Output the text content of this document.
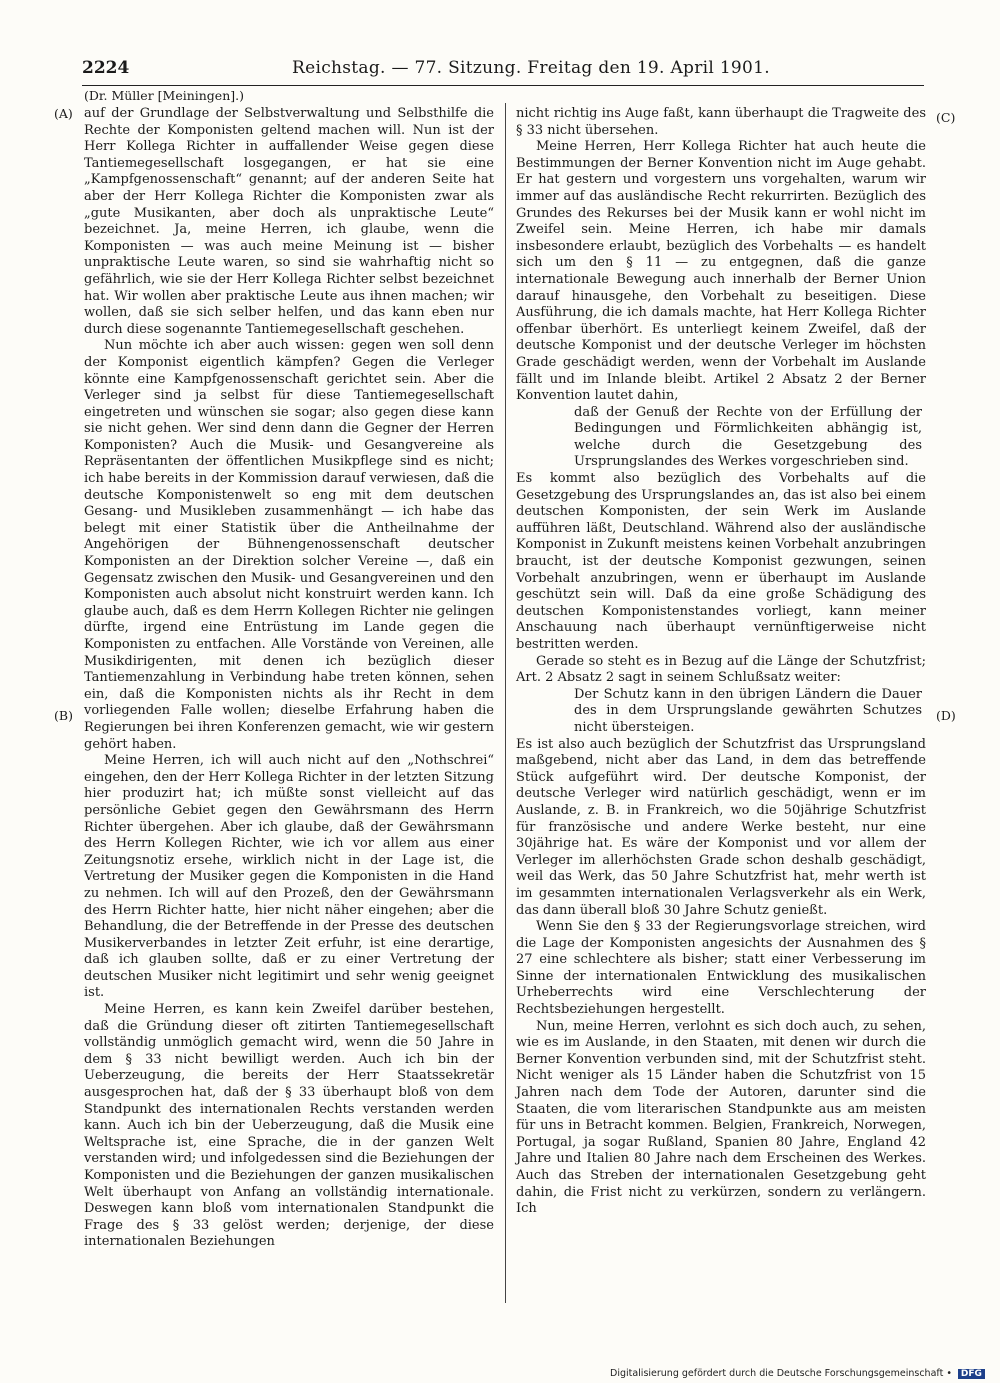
2224	Reichstag. — 77. Sitzung. Freitag den 19. April 1901.
(Dr. Müller [Meiningen].)
(A)
(B)
(C)
(D)

auf der Grundlage der Selbstverwaltung und Selbsthilfe die Rechte der Komponisten geltend machen will. Nun ist der Herr Kollega Richter in auffallender Weise gegen diese Tantiemegesellschaft losgegangen, er hat sie eine „Kampfgenossenschaft“ genannt; auf der anderen Seite hat aber der Herr Kollega Richter die Komponisten zwar als „gute Musikanten, aber doch als unpraktische Leute“ bezeichnet. Ja, meine Herren, ich glaube, wenn die Komponisten — was auch meine Meinung ist — bisher unpraktische Leute waren, so sind sie wahrhaftig nicht so gefährlich, wie sie der Herr Kollega Richter selbst bezeichnet hat. Wir wollen aber praktische Leute aus ihnen machen; wir wollen, daß sie sich selber helfen, und das kann eben nur durch diese sogenannte Tantiemegesellschaft geschehen.

Nun möchte ich aber auch wissen: gegen wen soll denn der Komponist eigentlich kämpfen? Gegen die Verleger könnte eine Kampfgenossenschaft gerichtet sein. Aber die Verleger sind ja selbst für diese Tantiemegesellschaft eingetreten und wünschen sie sogar; also gegen diese kann sie nicht gehen. Wer sind denn dann die Gegner der Herren Komponisten? Auch die Musik- und Gesangvereine als Repräsentanten der öffentlichen Musikpflege sind es nicht; ich habe bereits in der Kommission darauf verwiesen, daß die deutsche Komponistenwelt so eng mit dem deutschen Gesang- und Musikleben zusammenhängt — ich habe das belegt mit einer Statistik über die Antheilnahme der Angehörigen der Bühnengenossenschaft deutscher Komponisten an der Direktion solcher Vereine —, daß ein Gegensatz zwischen den Musik- und Gesangvereinen und den Komponisten auch absolut nicht konstruirt werden kann. Ich glaube auch, daß es dem Herrn Kollegen Richter nie gelingen dürfte, irgend eine Entrüstung im Lande gegen die Komponisten zu entfachen. Alle Vorstände von Vereinen, alle Musikdirigenten, mit denen ich bezüglich dieser Tantiemenzahlung in Verbindung habe treten können, sehen ein, daß die Komponisten nichts als ihr Recht in dem vorliegenden Falle wollen; dieselbe Erfahrung haben die Regierungen bei ihren Konferenzen gemacht, wie wir gestern gehört haben.

Meine Herren, ich will auch nicht auf den „Nothschrei“ eingehen, den der Herr Kollega Richter in der letzten Sitzung hier produzirt hat; ich müßte sonst vielleicht auf das persönliche Gebiet gegen den Gewährsmann des Herrn Richter übergehen. Aber ich glaube, daß der Gewährsmann des Herrn Kollegen Richter, wie ich vor allem aus einer Zeitungsnotiz ersehe, wirklich nicht in der Lage ist, die Vertretung der Musiker gegen die Komponisten in die Hand zu nehmen. Ich will auf den Prozeß, den der Gewährsmann des Herrn Richter hatte, hier nicht näher eingehen; aber die Behandlung, die der Betreffende in der Presse des deutschen Musikerverbandes in letzter Zeit erfuhr, ist eine derartige, daß ich glauben sollte, daß er zu einer Vertretung der deutschen Musiker nicht legitimirt und sehr wenig geeignet ist.

Meine Herren, es kann kein Zweifel darüber bestehen, daß die Gründung dieser oft zitirten Tantiemegesellschaft vollständig unmöglich gemacht wird, wenn die 50 Jahre in dem § 33 nicht bewilligt werden. Auch ich bin der Ueberzeugung, die bereits der Herr Staatssekretär ausgesprochen hat, daß der § 33 überhaupt bloß von dem Standpunkt des internationalen Rechts verstanden werden kann. Auch ich bin der Ueberzeugung, daß die Musik eine Weltsprache ist, eine Sprache, die in der ganzen Welt verstanden wird; und infolgedessen sind die Beziehungen der Komponisten und die Beziehungen der ganzen musikalischen Welt überhaupt von Anfang an vollständig internationale. Deswegen kann bloß vom internationalen Standpunkt die Frage des § 33 gelöst werden; derjenige, der diese internationalen Beziehungen

nicht richtig ins Auge faßt, kann überhaupt die Tragweite des § 33 nicht übersehen.

Meine Herren, Herr Kollega Richter hat auch heute die Bestimmungen der Berner Konvention nicht im Auge gehabt. Er hat gestern und vorgestern uns vorgehalten, warum wir immer auf das ausländische Recht rekurrirten. Bezüglich des Grundes des Rekurses bei der Musik kann er wohl nicht im Zweifel sein. Meine Herren, ich habe mir damals insbesondere erlaubt, bezüglich des Vorbehalts — es handelt sich um den § 11 — zu entgegnen, daß die ganze internationale Bewegung auch innerhalb der Berner Union darauf hinausgehe, den Vorbehalt zu beseitigen. Diese Ausführung, die ich damals machte, hat Herr Kollega Richter offenbar überhört. Es unterliegt keinem Zweifel, daß der deutsche Komponist und der deutsche Verleger im höchsten Grade geschädigt werden, wenn der Vorbehalt im Auslande fällt und im Inlande bleibt. Artikel 2 Absatz 2 der Berner Konvention lautet dahin,

daß der Genuß der Rechte von der Erfüllung der Bedingungen und Förmlichkeiten abhängig ist, welche durch die Gesetzgebung des Ursprungslandes des Werkes vorgeschrieben sind.

Es kommt also bezüglich des Vorbehalts auf die Gesetzgebung des Ursprungslandes an, das ist also bei einem deutschen Komponisten, der sein Werk im Auslande aufführen läßt, Deutschland. Während also der ausländische Komponist in Zukunft meistens keinen Vorbehalt anzubringen braucht, ist der deutsche Komponist gezwungen, seinen Vorbehalt anzubringen, wenn er überhaupt im Auslande geschützt sein will. Daß da eine große Schädigung des deutschen Komponistenstandes vorliegt, kann meiner Anschauung nach überhaupt vernünftigerweise nicht bestritten werden.

Gerade so steht es in Bezug auf die Länge der Schutzfrist; Art. 2 Absatz 2 sagt in seinem Schlußsatz weiter:

Der Schutz kann in den übrigen Ländern die Dauer des in dem Ursprungslande gewährten Schutzes nicht übersteigen.

Es ist also auch bezüglich der Schutzfrist das Ursprungsland maßgebend, nicht aber das Land, in dem das betreffende Stück aufgeführt wird. Der deutsche Komponist, der deutsche Verleger wird natürlich geschädigt, wenn er im Auslande, z. B. in Frankreich, wo die 50jährige Schutzfrist für französische und andere Werke besteht, nur eine 30jährige hat. Es wäre der Komponist und vor allem der Verleger im allerhöchsten Grade schon deshalb geschädigt, weil das Werk, das 50 Jahre Schutzfrist hat, mehr werth ist im gesammten internationalen Verlagsverkehr als ein Werk, das dann überall bloß 30 Jahre Schutz genießt.

Wenn Sie den § 33 der Regierungsvorlage streichen, wird die Lage der Komponisten angesichts der Ausnahmen des § 27 eine schlechtere als bisher; statt einer Verbesserung im Sinne der internationalen Entwicklung des musikalischen Urheberrechts wird eine Verschlechterung der Rechtsbeziehungen hergestellt.

Nun, meine Herren, verlohnt es sich doch auch, zu sehen, wie es im Auslande, in den Staaten, mit denen wir durch die Berner Konvention verbunden sind, mit der Schutzfrist steht. Nicht weniger als 15 Länder haben die Schutzfrist von 15 Jahren nach dem Tode der Autoren, darunter sind die Staaten, die vom literarischen Standpunkte aus am meisten für uns in Betracht kommen. Belgien, Frankreich, Norwegen, Portugal, ja sogar Rußland, Spanien 80 Jahre, England 42 Jahre und Italien 80 Jahre nach dem Erscheinen des Werkes. Auch das Streben der internationalen Gesetzgebung geht dahin, die Frist nicht zu verkürzen, sondern zu verlängern. Ich

Digitalisierung gefördert durch die Deutsche Forschungsgemeinschaft • DFG
